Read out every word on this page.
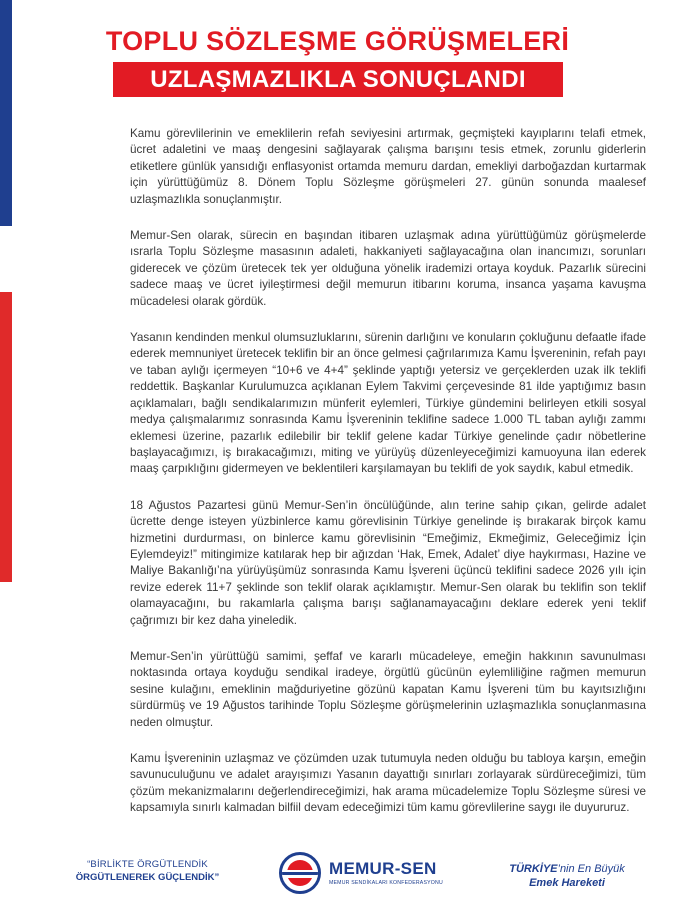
TOPLU SÖZLEŞME GÖRÜŞMELERİ
UZLAŞMAZLIKLA SONUÇLANDI

Kamu görevlilerinin ve emeklilerin refah seviyesini artırmak, geçmişteki kayıplarını telafi etmek, ücret adaletini ve maaş dengesini sağlayarak çalışma barışını tesis etmek, zorunlu giderlerin etiketlere günlük yansıdığı enflasyonist ortamda memuru dardan, emekliyi darboğazdan kurtarmak için yürüttüğümüz 8. Dönem Toplu Sözleşme görüşmeleri 27. günün sonunda maalesef uzlaşmazlıkla sonuçlanmıştır.

Memur-Sen olarak, sürecin en başından itibaren uzlaşmak adına yürüttüğümüz görüşmelerde ısrarla Toplu Sözleşme masasının adaleti, hakkaniyeti sağlayacağına olan inancımızı, sorunları giderecek ve çözüm üretecek tek yer olduğuna yönelik irademizi ortaya koyduk. Pazarlık sürecini sadece maaş ve ücret iyileştirmesi değil memurun itibarını koruma, insanca yaşama kavuşma mücadelesi olarak gördük.

Yasanın kendinden menkul olumsuzluklarını, sürenin darlığını ve konuların çokluğunu defaatle ifade ederek memnuniyet üretecek teklifin bir an önce gelmesi çağrılarımıza Kamu İşvereninin, refah payı ve taban aylığı içermeyen “10+6 ve 4+4” şeklinde yaptığı yetersiz ve gerçeklerden uzak ilk teklifi reddettik. Başkanlar Kurulumuzca açıklanan Eylem Takvimi çerçevesinde 81 ilde yaptığımız basın açıklamaları, bağlı sendikalarımızın münferit eylemleri, Türkiye gündemini belirleyen etkili sosyal medya çalışmalarımız sonrasında Kamu İşvereninin teklifine sadece 1.000 TL taban aylığı zammı eklemesi üzerine, pazarlık edilebilir bir teklif gelene kadar Türkiye genelinde çadır nöbetlerine başlayacağımızı, iş bırakacağımızı, miting ve yürüyüş düzenleyeceğimizi kamuoyuna ilan ederek maaş çarpıklığını gidermeyen ve beklentileri karşılamayan bu teklifi de yok saydık, kabul etmedik.

18 Ağustos Pazartesi günü Memur-Sen’in öncülüğünde, alın terine sahip çıkan, gelirde adalet ücrette denge isteyen yüzbinlerce kamu görevlisinin Türkiye genelinde iş bırakarak birçok kamu hizmetini durdurması, on binlerce kamu görevlisinin “Emeğimiz, Ekmeğimiz, Geleceğimiz İçin Eylemdeyiz!” mitingimize katılarak hep bir ağızdan ‘Hak, Emek, Adalet’ diye haykırması, Hazine ve Maliye Bakanlığı’na yürüyüşümüz sonrasında Kamu İşvereni üçüncü teklifini sadece 2026 yılı için revize ederek 11+7 şeklinde son teklif olarak açıklamıştır. Memur-Sen olarak bu teklifin son teklif olamayacağını, bu rakamlarla çalışma barışı sağlanamayacağını deklare ederek yeni teklif çağrımızı bir kez daha yineledik.

Memur-Sen’in yürüttüğü samimi, şeffaf ve kararlı mücadeleye, emeğin hakkının savunulması noktasında ortaya koyduğu sendikal iradeye, örgütlü gücünün eylemliliğine rağmen memurun sesine kulağını, emeklinin mağduriyetine gözünü kapatan Kamu İşvereni tüm bu kayıtsızlığını sürdürmüş ve 19 Ağustos tarihinde Toplu Sözleşme görüşmelerinin uzlaşmazlıkla sonuçlanmasına neden olmuştur.

Kamu İşvereninin uzlaşmaz ve çözümden uzak tutumuyla neden olduğu bu tabloya karşın, emeğin savunuculuğunu ve adalet arayışımızı Yasanın dayattığı sınırları zorlayarak sürdüreceğimizi, tüm çözüm mekanizmalarını değerlendireceğimizi, hak arama mücadelemize Toplu Sözleşme süresi ve kapsamıyla sınırlı kalmadan bilfiil devam edeceğimizi tüm kamu görevlilerine saygı ile duyururuz.

“BİRLİKTE ÖRGÜTLENDİK
ÖRGÜTLENEREK GÜÇLENDİK”	MEMUR-SEN
MEMUR SENDİKALARI KONFEDERASYONU
TÜRKİYE’nin En Büyük
Emek Hareketi
